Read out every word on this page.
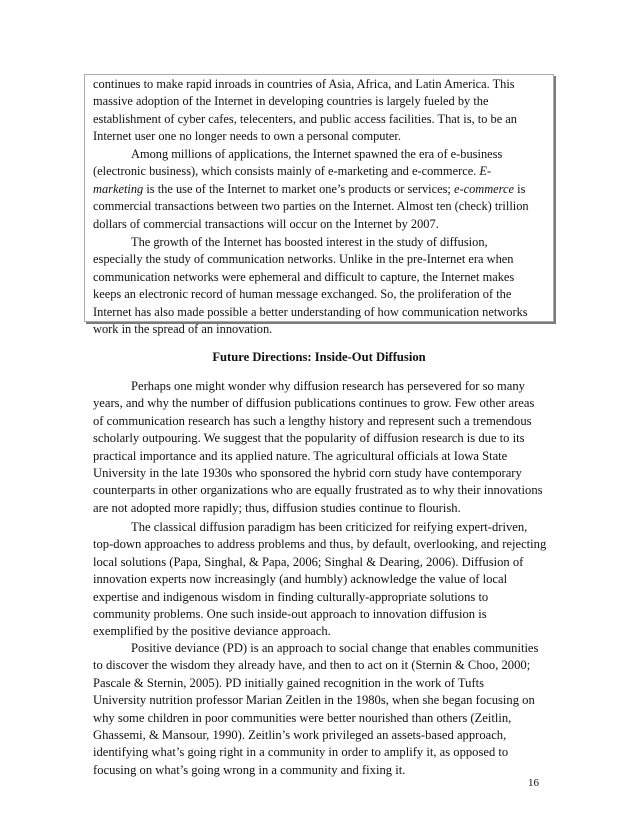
continues to make rapid inroads in countries of Asia, Africa, and Latin America. This
massive adoption of the Internet in developing countries is largely fueled by the
establishment of cyber cafes, telecenters, and public access facilities. That is, to be an
Internet user one no longer needs to own a personal computer.
Among millions of applications, the Internet spawned the era of e-business
(electronic business), which consists mainly of e-marketing and e-commerce. E-
marketing is the use of the Internet to market one’s products or services; e-commerce is
commercial transactions between two parties on the Internet. Almost ten (check) trillion
dollars of commercial transactions will occur on the Internet by 2007.
The growth of the Internet has boosted interest in the study of diffusion,
especially the study of communication networks. Unlike in the pre-Internet era when
communication networks were ephemeral and difficult to capture, the Internet makes
keeps an electronic record of human message exchanged. So, the proliferation of the
Internet has also made possible a better understanding of how communication networks
work in the spread of an innovation.
Future Directions: Inside-Out Diffusion
Perhaps one might wonder why diffusion research has persevered for so many
years, and why the number of diffusion publications continues to grow. Few other areas
of communication research has such a lengthy history and represent such a tremendous
scholarly outpouring. We suggest that the popularity of diffusion research is due to its
practical importance and its applied nature. The agricultural officials at Iowa State
University in the late 1930s who sponsored the hybrid corn study have contemporary
counterparts in other organizations who are equally frustrated as to why their innovations
are not adopted more rapidly; thus, diffusion studies continue to flourish.
The classical diffusion paradigm has been criticized for reifying expert-driven,
top-down approaches to address problems and thus, by default, overlooking, and rejecting
local solutions (Papa, Singhal, & Papa, 2006; Singhal & Dearing, 2006). Diffusion of
innovation experts now increasingly (and humbly) acknowledge the value of local
expertise and indigenous wisdom in finding culturally-appropriate solutions to
community problems. One such inside-out approach to innovation diffusion is
exemplified by the positive deviance approach.
Positive deviance (PD) is an approach to social change that enables communities
to discover the wisdom they already have, and then to act on it (Sternin & Choo, 2000;
Pascale & Sternin, 2005). PD initially gained recognition in the work of Tufts
University nutrition professor Marian Zeitlen in the 1980s, when she began focusing on
why some children in poor communities were better nourished than others (Zeitlin,
Ghassemi, & Mansour, 1990). Zeitlin’s work privileged an assets-based approach,
identifying what’s going right in a community in order to amplify it, as opposed to
focusing on what’s going wrong in a community and fixing it.
16
